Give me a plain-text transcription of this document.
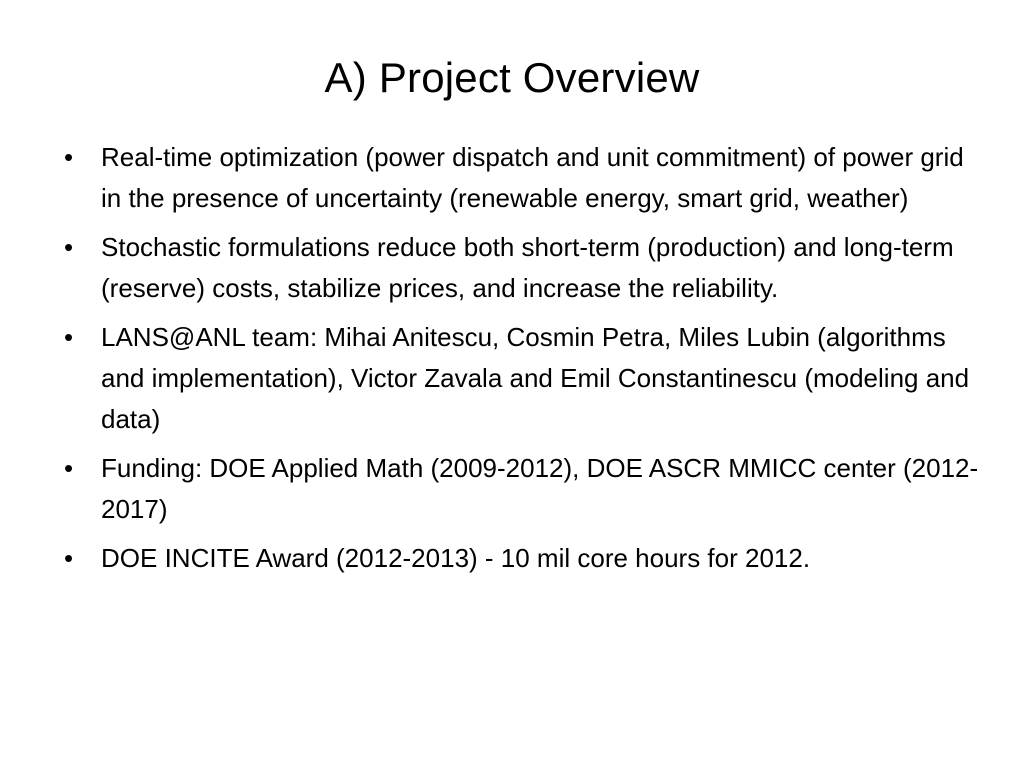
A) Project Overview
•	Real-time optimization (power dispatch and unit commitment) of power grid in the presence of uncertainty (renewable energy, smart grid, weather)
•	Stochastic formulations reduce both short-term (production) and long-term (reserve) costs, stabilize prices, and increase the reliability.
•	LANS@ANL team: Mihai Anitescu, Cosmin Petra, Miles Lubin (algorithms and implementation), Victor Zavala and Emil Constantinescu (modeling and data)
•	Funding: DOE Applied Math (2009-2012), DOE ASCR MMICC center (2012-2017)
•	DOE INCITE Award (2012-2013) - 10 mil core hours for 2012.
